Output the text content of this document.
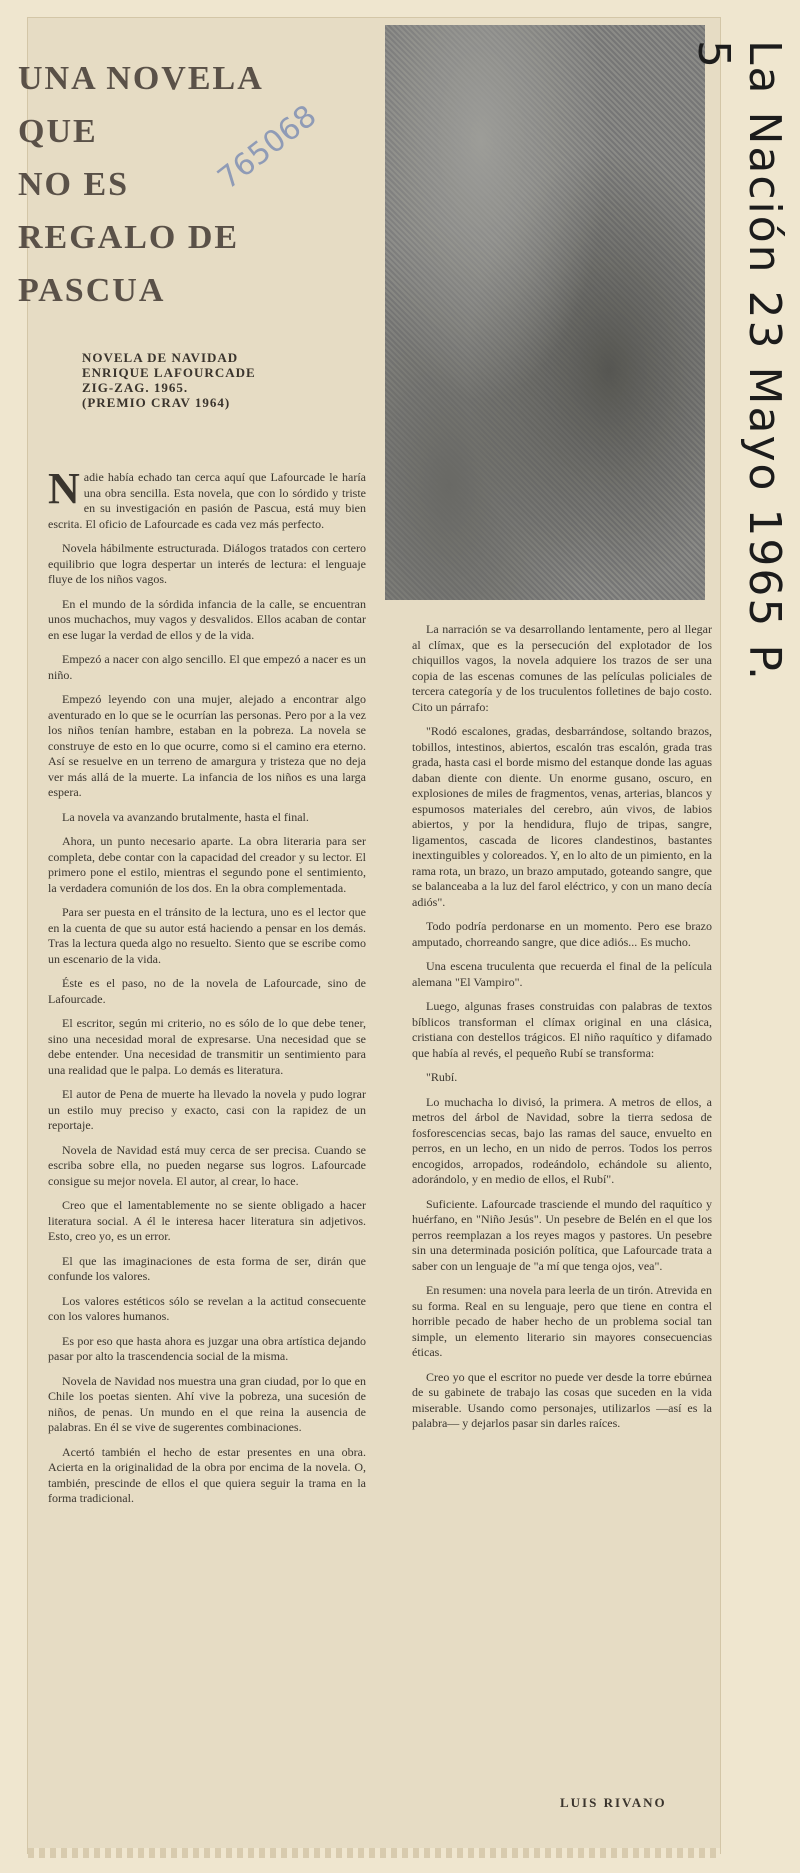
UNA NOVELA
QUE
NO ES
REGALO DE
PASCUA
765068
NOVELA DE NAVIDAD
ENRIQUE LAFOURCADE
ZIG-ZAG. 1965.
(PREMIO CRAV 1964)	La Nación 23 Mayo 1965 P. 5

Nadie había echado tan cerca aquí que Lafourcade le haría una obra sencilla. Esta novela, que con lo sórdido y triste en su investigación en pasión de Pascua, está muy bien escrita. El oficio de Lafourcade es cada vez más perfecto.

Novela hábilmente estructurada. Diálogos tratados con certero equilibrio que logra despertar un interés de lectura: el lenguaje fluye de los niños vagos.

En el mundo de la sórdida infancia de la calle, se encuentran unos muchachos, muy vagos y desvalidos. Ellos acaban de contar en ese lugar la verdad de ellos y de la vida.

Empezó a nacer con algo sencillo. El que empezó a nacer es un niño.

Empezó leyendo con una mujer, alejado a encontrar algo aventurado en lo que se le ocurrían las personas. Pero por a la vez los niños tenían hambre, estaban en la pobreza. La novela se construye de esto en lo que ocurre, como si el camino era eterno. Así se resuelve en un terreno de amargura y tristeza que no deja ver más allá de la muerte. La infancia de los niños es una larga espera.

La novela va avanzando brutalmente, hasta el final.

Ahora, un punto necesario aparte. La obra literaria para ser completa, debe contar con la capacidad del creador y su lector. El primero pone el estilo, mientras el segundo pone el sentimiento, la verdadera comunión de los dos. En la obra complementada.

Para ser puesta en el tránsito de la lectura, uno es el lector que en la cuenta de que su autor está haciendo a pensar en los demás. Tras la lectura queda algo no resuelto. Siento que se escribe como un escenario de la vida.

Éste es el paso, no de la novela de Lafourcade, sino de Lafourcade.

El escritor, según mi criterio, no es sólo de lo que debe tener, sino una necesidad moral de expresarse. Una necesidad que se debe entender. Una necesidad de transmitir un sentimiento para una realidad que le palpa. Lo demás es literatura.

El autor de Pena de muerte ha llevado la novela y pudo lograr un estilo muy preciso y exacto, casi con la rapidez de un reportaje.

Novela de Navidad está muy cerca de ser precisa. Cuando se escriba sobre ella, no pueden negarse sus logros. Lafourcade consigue su mejor novela. El autor, al crear, lo hace.

Creo que el lamentablemente no se siente obligado a hacer literatura social. A él le interesa hacer literatura sin adjetivos. Esto, creo yo, es un error.

El que las imaginaciones de esta forma de ser, dirán que confunde los valores.

Los valores estéticos sólo se revelan a la actitud consecuente con los valores humanos.

Es por eso que hasta ahora es juzgar una obra artística dejando pasar por alto la trascendencia social de la misma.

Novela de Navidad nos muestra una gran ciudad, por lo que en Chile los poetas sienten. Ahí vive la pobreza, una sucesión de niños, de penas. Un mundo en el que reina la ausencia de palabras. En él se vive de sugerentes combinaciones.

Acertó también el hecho de estar presentes en una obra. Acierta en la originalidad de la obra por encima de la novela. O, también, prescinde de ellos el que quiera seguir la trama en la forma tradicional.

La narración se va desarrollando lentamente, pero al llegar al clímax, que es la persecución del explotador de los chiquillos vagos, la novela adquiere los trazos de ser una copia de las escenas comunes de las películas policiales de tercera categoría y de los truculentos folletines de bajo costo. Cito un párrafo:

"Rodó escalones, gradas, desbarrándose, soltando brazos, tobillos, intestinos, abiertos, escalón tras escalón, grada tras grada, hasta casi el borde mismo del estanque donde las aguas daban diente con diente. Un enorme gusano, oscuro, en explosiones de miles de fragmentos, venas, arterias, blancos y espumosos materiales del cerebro, aún vivos, de labios abiertos, y por la hendidura, flujo de tripas, sangre, ligamentos, cascada de licores clandestinos, bastantes inextinguibles y coloreados. Y, en lo alto de un pimiento, en la rama rota, un brazo, un brazo amputado, goteando sangre, que se balanceaba a la luz del farol eléctrico, y con un mano decía adiós".

Todo podría perdonarse en un momento. Pero ese brazo amputado, chorreando sangre, que dice adiós... Es mucho.

Una escena truculenta que recuerda el final de la película alemana "El Vampiro".

Luego, algunas frases construidas con palabras de textos bíblicos transforman el clímax original en una clásica, cristiana con destellos trágicos. El niño raquítico y difamado que había al revés, el pequeño Rubí se transforma:

"Rubí.

Lo muchacha lo divisó, la primera. A metros de ellos, a metros del árbol de Navidad, sobre la tierra sedosa de fosforescencias secas, bajo las ramas del sauce, envuelto en perros, en un lecho, en un nido de perros. Todos los perros encogidos, arropados, rodeándolo, echándole su aliento, adorándolo, y en medio de ellos, el Rubí".

Suficiente. Lafourcade trasciende el mundo del raquítico y huérfano, en "Niño Jesús". Un pesebre de Belén en el que los perros reemplazan a los reyes magos y pastores. Un pesebre sin una determinada posición política, que Lafourcade trata a saber con un lenguaje de "a mí que tenga ojos, vea".

En resumen: una novela para leerla de un tirón. Atrevida en su forma. Real en su lenguaje, pero que tiene en contra el horrible pecado de haber hecho de un problema social tan simple, un elemento literario sin mayores consecuencias éticas.

Creo yo que el escritor no puede ver desde la torre ebúrnea de su gabinete de trabajo las cosas que suceden en la vida miserable. Usando como personajes, utilizarlos —así es la palabra— y dejarlos pasar sin darles raíces.

LUIS RIVANO
